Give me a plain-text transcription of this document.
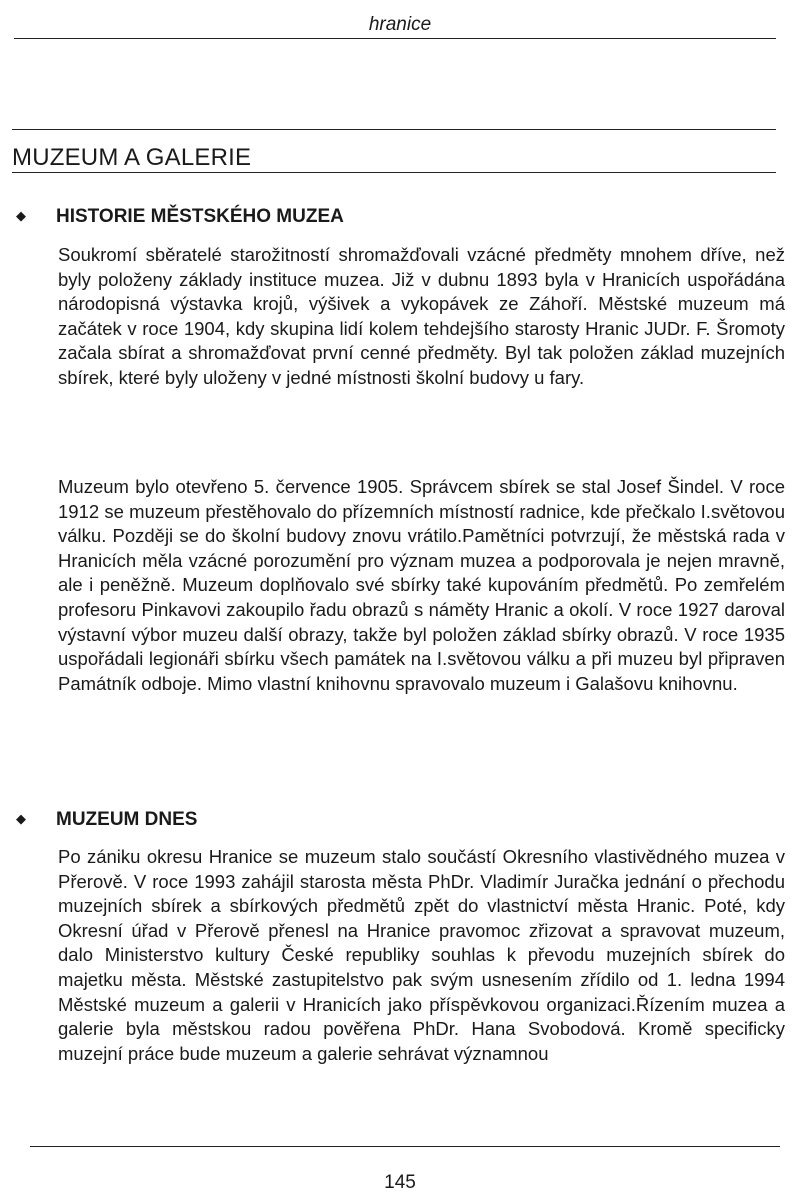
hranice
MUZEUM A GALERIE
◆ HISTORIE MĚSTSKÉHO MUZEA

Soukromí sběratelé starožitností shromažďovali vzácné předměty mnohem dříve, než byly položeny základy instituce muzea. Již v dubnu 1893 byla v Hranicích uspořádána národopisná výstavka krojů, výšivek a vykopávek ze Záhoří. Městské muzeum má začátek v roce 1904, kdy skupina lidí kolem tehdejšího starosty Hranic JUDr. F. Šromoty začala sbírat a shromažďovat první cenné předměty. Byl tak položen základ muzejních sbírek, které byly uloženy v jedné místnosti školní budovy u fary.

Muzeum bylo otevřeno 5. července 1905. Správcem sbírek se stal Josef Šindel. V roce 1912 se muzeum přestěhovalo do přízemních místností radnice, kde přečkalo I.světovou válku. Později se do školní budovy znovu vrátilo.Pamětníci potvrzují, že městská rada v Hranicích měla vzácné porozumění pro význam muzea a podporovala je nejen mravně, ale i peněžně. Muzeum doplňovalo své sbírky také kupováním předmětů. Po zemřelém profesoru Pinkavovi zakoupilo řadu obrazů s náměty Hranic a okolí. V roce 1927 daroval výstavní výbor muzeu další obrazy, takže byl položen základ sbírky obrazů. V roce 1935 uspořádali legionáři sbírku všech památek na I.světovou válku a při muzeu byl připraven Památník odboje. Mimo vlastní knihovnu spravovalo muzeum i Galašovu knihovnu.

◆ MUZEUM DNES

Po zániku okresu Hranice se muzeum stalo součástí Okresního vlastivědného muzea v Přerově. V roce 1993 zahájil starosta města PhDr. Vladimír Juračka jednání o přechodu muzejních sbírek a sbírkových předmětů zpět do vlastnictví města Hranic. Poté, kdy Okresní úřad v Přerově přenesl na Hranice pravomoc zřizovat a spravovat muzeum, dalo Ministerstvo kultury České republiky souhlas k převodu muzejních sbírek do majetku města. Městské zastupitelstvo pak svým usnesením zřídilo od 1. ledna 1994 Městské muzeum a galerii v Hranicích jako příspěvkovou organizaci.Řízením muzea a galerie byla městskou radou pověřena PhDr. Hana Svobodová. Kromě specificky muzejní práce bude muzeum a galerie sehrávat významnou

145
